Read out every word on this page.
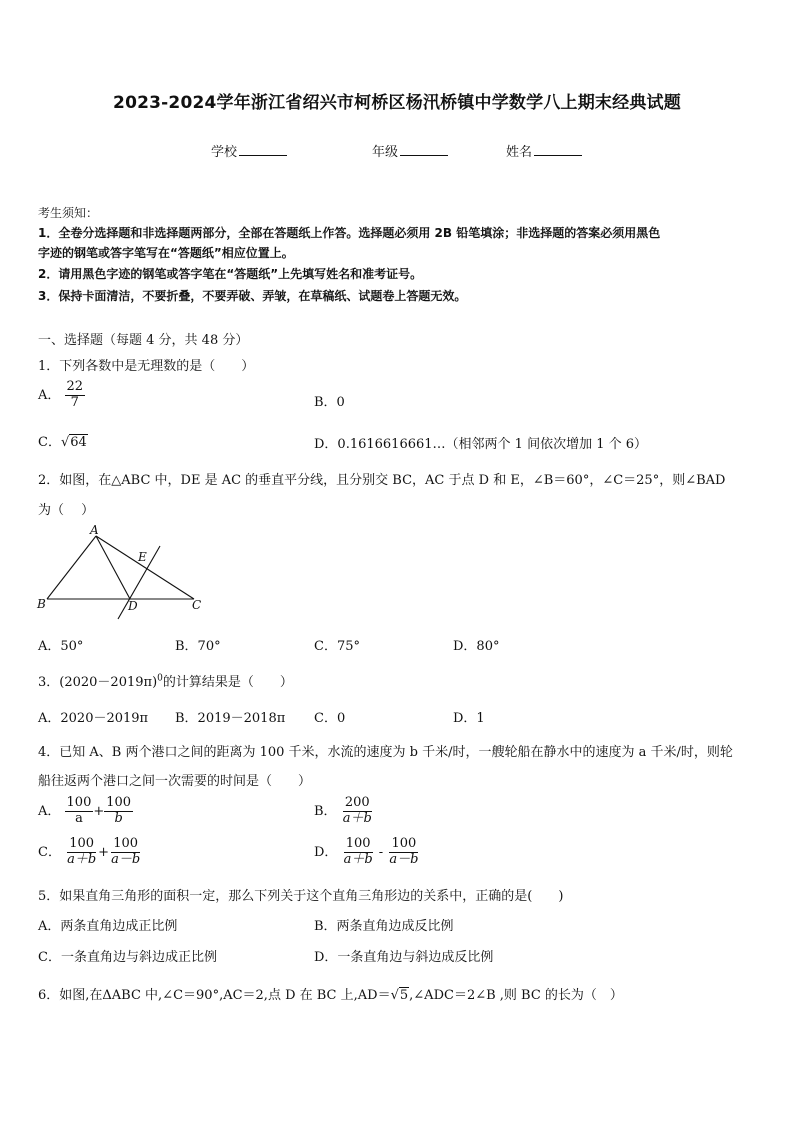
2023-2024学年浙江省绍兴市柯桥区杨汛桥镇中学数学八上期末经典试题
学校	年级	姓名
考生须知：
1．全卷分选择题和非选择题两部分，全部在答题纸上作答。选择题必须用 2B 铅笔填涂；非选择题的答案必须用黑色
字迹的钢笔或答字笔写在“答题纸”相应位置上。
2．请用黑色字迹的钢笔或答字笔在“答题纸”上先填写姓名和准考证号。
3．保持卡面清洁，不要折叠，不要弄破、弄皱，在草稿纸、试题卷上答题无效。
一、选择题（每题 4 分，共 48 分）
1．下列各数中是无理数的是（　　）
A． $\frac{22}{7}$	B．0
C．√64	D．0.1616616661…（相邻两个 1 间依次增加 1 个 6）
2．如图，在△ABC 中，DE 是 AC 的垂直平分线，且分别交 BC，AC 于点 D 和 E，∠B＝60°，∠C＝25°，则∠BAD
为（　 ）
A
B	C
D
E
A．50°	B．70°	C．75°	D．80°
3．$(2020-2019\pi)^0$的计算结果是（　　）
A．2020－2019π B．2019－2018π C．0	D．1
4．已知 A、B 两个港口之间的距离为 100 千米，水流的速度为 b 千米/时，一艘轮船在静水中的速度为 a 千米/时，则轮
船往返两个港口之间一次需要的时间是（　　）
A． $\frac{100}{a} + \frac{100}{b}$	B． $\frac{200}{a+b}$
C． $\frac{100}{a+b} + \frac{100}{a-b}$	D． $\frac{100}{a+b} - \frac{100}{a-b}$
5．如果直角三角形的面积一定，那么下列关于这个直角三角形边的关系中，正确的是(　　)
A．两条直角边成正比例	B．两条直角边成反比例
C．一条直角边与斜边成正比例	D．一条直角边与斜边成反比例
6．如图,在ΔABC 中,∠C＝90°,AC＝2,点 D 在 BC 上,AD＝√5,∠ADC＝2∠B ,则 BC 的长为（　）
